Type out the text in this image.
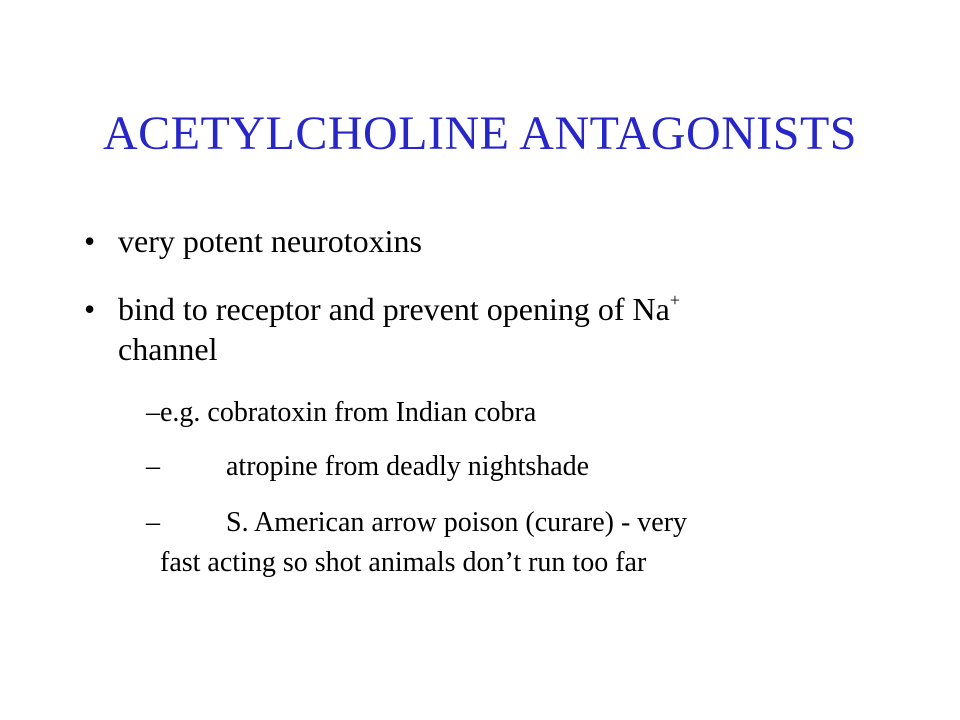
ACETYLCHOLINE ANTAGONISTS
• very potent neurotoxins
• bind to receptor and prevent opening of Na+
channel
– e.g. cobratoxin from Indian cobra
– atropine from deadly nightshade
– S. American arrow poison (curare) - very
fast acting so shot animals don’t run too far
